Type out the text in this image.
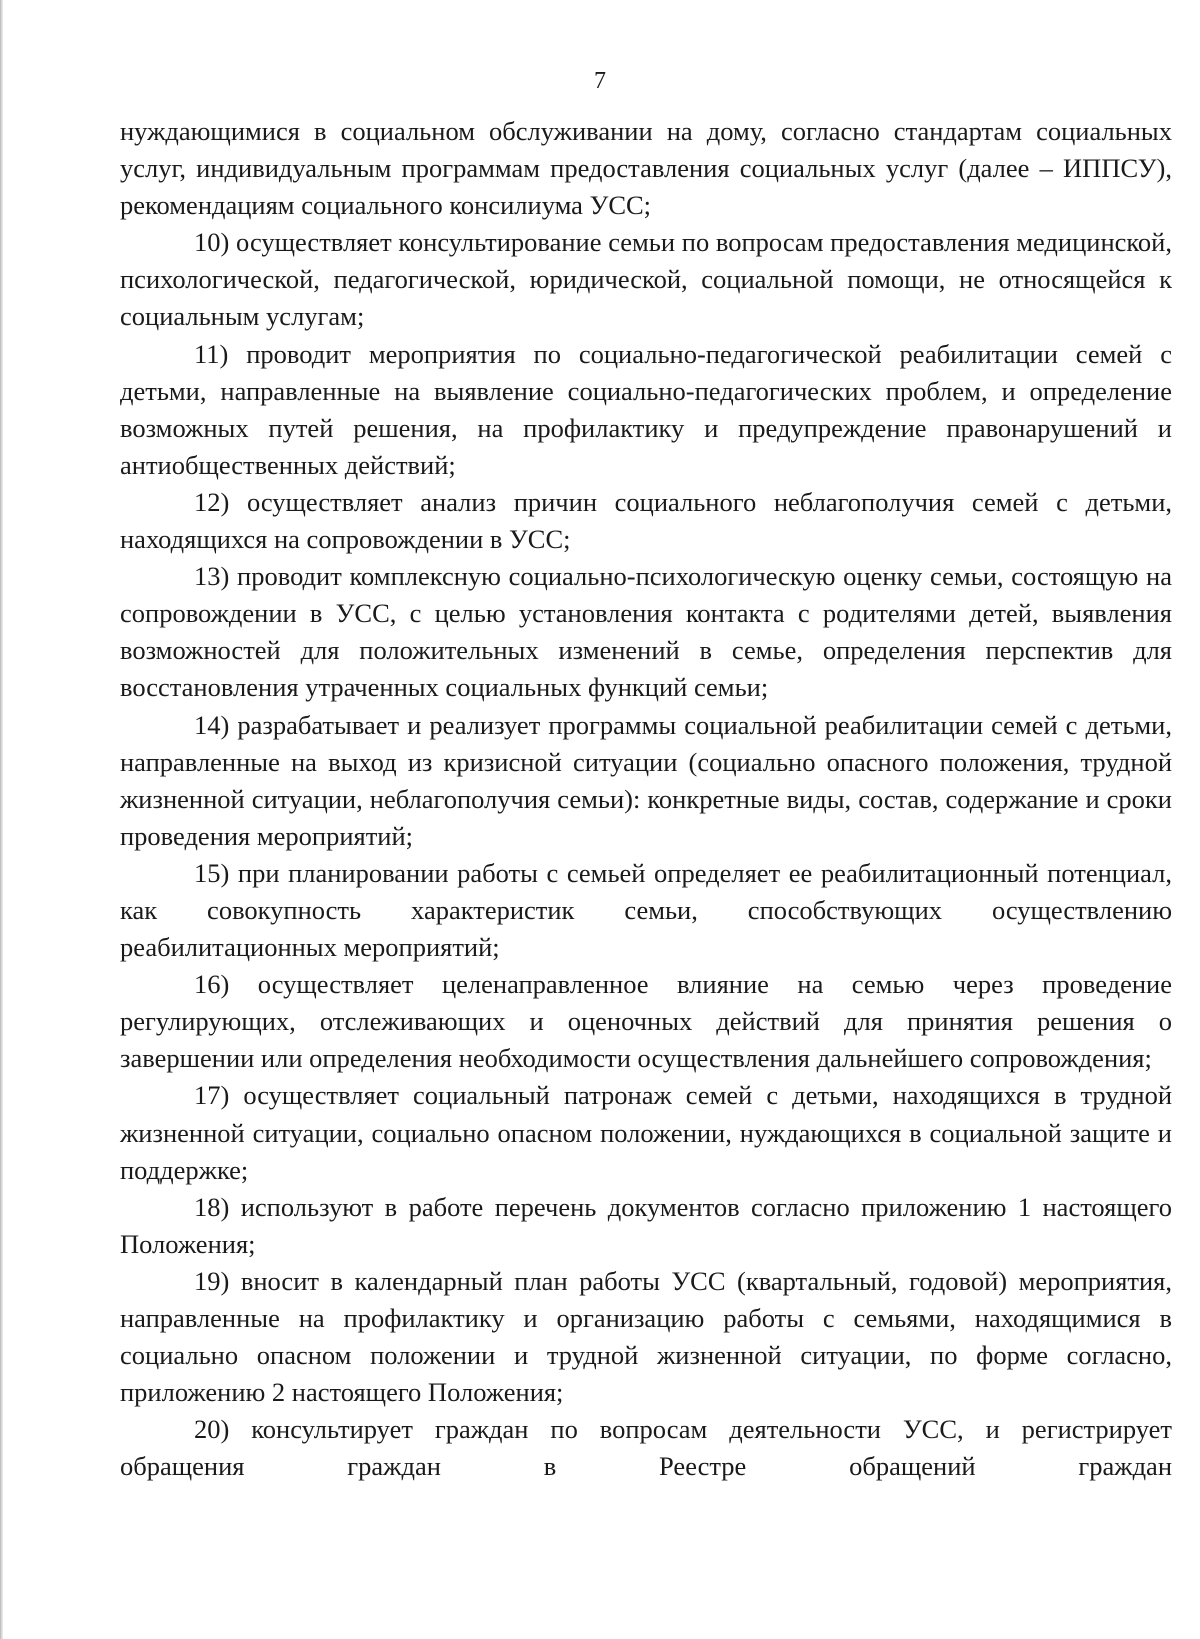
7

нуждающимися в социальном обслуживании на дому, согласно стандартам социальных услуг, индивидуальным программам предоставления социальных услуг (далее – ИППСУ), рекомендациям социального консилиума УСС;

10) осуществляет консультирование семьи по вопросам предоставления медицинской, психологической, педагогической, юридической, социальной помощи, не относящейся к социальным услугам;

11) проводит мероприятия по социально-педагогической реабилитации семей с детьми, направленные на выявление социально-педагогических проблем, и определение возможных путей решения, на профилактику и предупреждение правонарушений и антиобщественных действий;

12) осуществляет анализ причин социального неблагополучия семей с детьми, находящихся на сопровождении в УСС;

13) проводит комплексную социально-психологическую оценку семьи, состоящую на сопровождении в УСС, с целью установления контакта с родителями детей, выявления возможностей для положительных изменений в семье, определения перспектив для восстановления утраченных социальных функций семьи;

14) разрабатывает и реализует программы социальной реабилитации семей с детьми, направленные на выход из кризисной ситуации (социально опасного положения, трудной жизненной ситуации, неблагополучия семьи): конкретные виды, состав, содержание и сроки проведения мероприятий;

15) при планировании работы с семьей определяет ее реабилитационный потенциал, как совокупность характеристик семьи, способствующих осуществлению реабилитационных мероприятий;

16) осуществляет целенаправленное влияние на семью через проведение регулирующих, отслеживающих и оценочных действий для принятия решения о завершении или определения необходимости осуществления дальнейшего сопровождения;

17) осуществляет социальный патронаж семей с детьми, находящихся в трудной жизненной ситуации, социально опасном положении, нуждающихся в социальной защите и поддержке;

18) используют в работе перечень документов согласно приложению 1 настоящего Положения;

19) вносит в календарный план работы УСС (квартальный, годовой) мероприятия, направленные на профилактику и организацию работы с семьями, находящимися в социально опасном положении и трудной жизненной ситуации, по форме согласно, приложению 2 настоящего Положения;

20) консультирует граждан по вопросам деятельности УСС, и регистрирует обращения граждан в Реестре обращений граждан
